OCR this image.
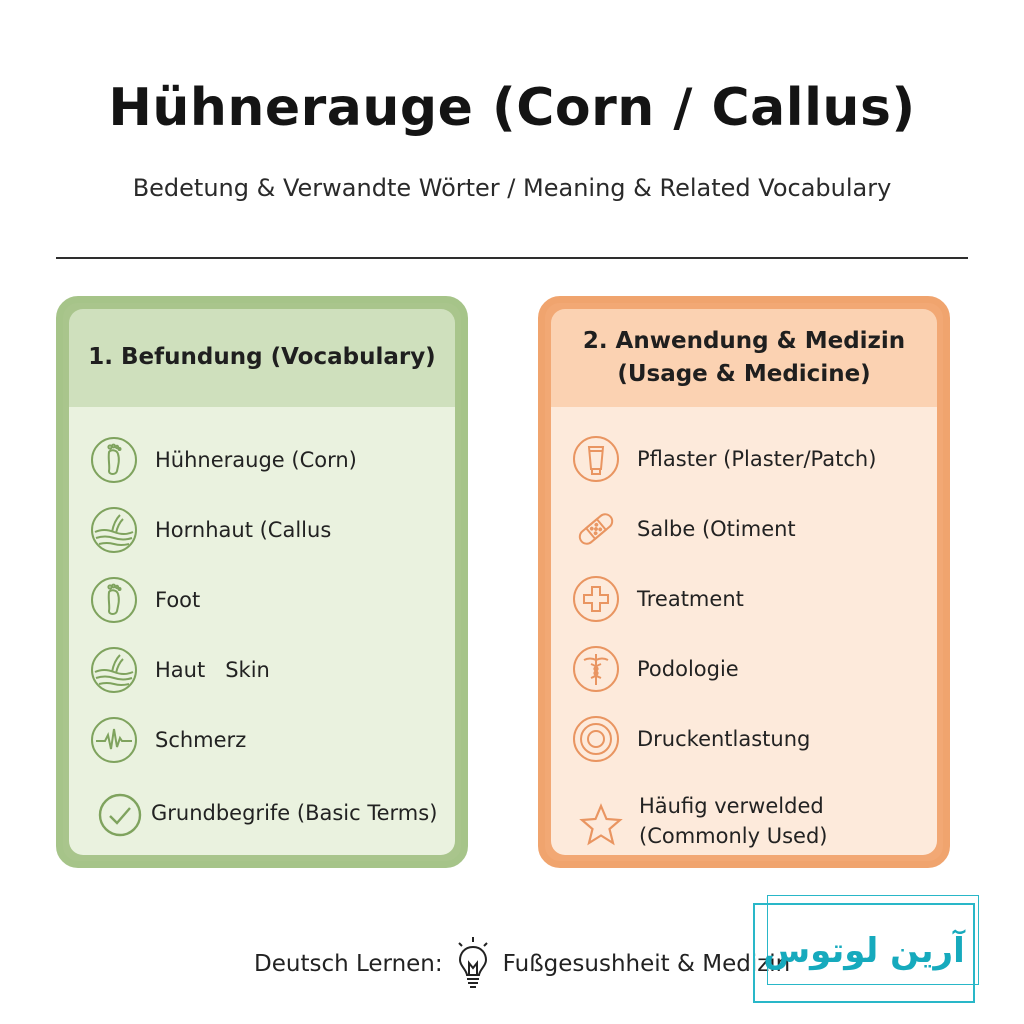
Hühnerauge (Corn / Callus)
Bedetung & Verwandte Wörter / Meaning & Related Vocabulary
1. Befundung (Vocabulary)
Hühnerauge (Corn)
Hornhaut (Callus
Foot
Haut   Skin
Schmerz
Grundbegrife (Basic Terms)
2. Anwendung & Medizin
(Usage & Medicine)
Pflaster (Plaster/Patch)
Salbe (Otiment
Treatment
Podologie
Druckentlastung
Häufig verwelded
(Commonly Used)
Deutsch Lernen:	Fußgesushheit & Medizin
آرین لوتوس
